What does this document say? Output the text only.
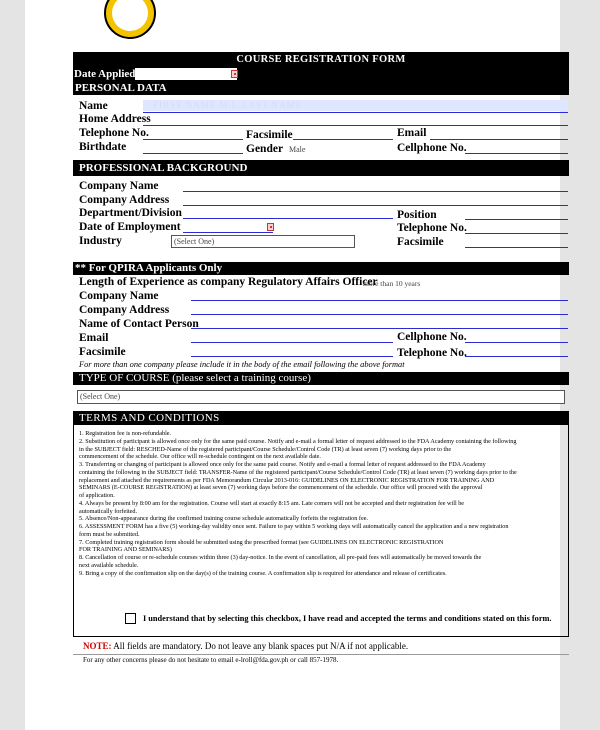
COURSE REGISTRATION FORM
Date Applied
PERSONAL DATA
Name	FIRST NAME M.I. LAST NAME
Home Address
Telephone No.	Facsimile	Email
Birthdate	Gender Male	Cellphone No.
PROFESSIONAL BACKGROUND
Company Name
Company Address
Department/Division	Position
Date of Employment	Telephone No.
Industry	(Select One)	Facsimile
** For QPIRA Applicants Only
Length of Experience as company Regulatory Affairs Officer
more than 10 years
Company Name
Company Address
Name of Contact Person
Email	Cellphone No.
Facsimile	Telephone No.
For more than one company please include it in the body of the email following the above format
TYPE OF COURSE (please select a training course)
(Select One)
TERMS AND CONDITIONS
1. Registration fee is non-refundable.
2. Substitution of participant is allowed once only for the same paid course. Notify and e-mail a formal letter of request addressed to the FDA Academy containing the following
in the SUBJECT field: RESCHED-Name of the registered participant/Course Schedule/Control Code (TR) at least seven (7) working days prior to the
commencement of the schedule. Our office will re-schedule contingent on the next available date.
3. Transferring or changing of participant is allowed once only for the same paid course. Notify and e-mail a formal letter of request addressed to the FDA Academy
containing the following in the SUBJECT field: TRANSFER-Name of the registered participant/Course Schedule/Control Code (TR) at least seven (7) working days prior to the
replacement and attached the requirements as per FDA Memorandum Circular 2013-016: GUIDELINES ON ELECTRONIC REGISTRATION FOR TRAINING AND
SEMINARS (E-COURSE REGISTRATION) at least seven (7) working days before the commencement of the schedule. Our office will proceed with the approval
of application.
4. Always be present by 8:00 am for the registration. Course will start at exactly 8:15 am. Late comers will not be accepted and their registration fee will be
automatically forfeited.
5. Absence/Non-appearance during the confirmed training course schedule automatically forfeits the registration fee.
6. ASSESSMENT FORM has a five (5) working-day validity once sent. Failure to pay within 5 working days will automatically cancel the application and a new registration
form must be submitted.
7. Completed training registration form should be submitted using the prescribed format (see GUIDELINES ON ELECTRONIC REGISTRATION
FOR TRAINING AND SEMINARS)
8. Cancellation of course or re-schedule courses within three (3) day-notice. In the event of cancellation, all pre-paid fees will automatically be moved towards the
next available schedule.
9. Bring a copy of the confirmation slip on the day(s) of the training course. A confirmation slip is required for attendance and release of certificates.
I understand that by selecting this checkbox, I have read and accepted the terms and conditions stated on this form.
NOTE: All fields are mandatory. Do not leave any blank spaces put N/A if not applicable.
For any other concerns please do not hesitate to email e-lroll@fda.gov.ph or call 857-1978.
